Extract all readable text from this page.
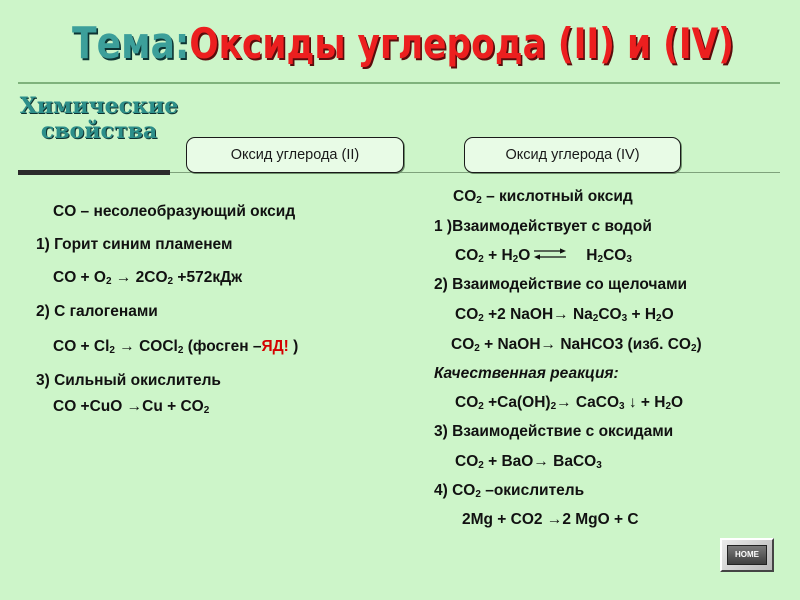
Тема:Оксиды углерода (II) и (IV)
Химические
свойства
Оксид углерода (II)	Оксид углерода (IV)
CO – несолеобразующий оксид
1) Горит синим пламенем
CO + $O_2 \to 2CO_2 +572кДж$
2) С галогенами
CO + $Cl_2$ → COCl$_2$ (фосген –ЯД! )
3) Сильный окислитель
CO $+CuO \to Cu + CO_2$
$CO_2$ – кислотный оксид
1 )Взаимодействует с водой
$CO_2 + H_2O$ ⇌ $H_2CO_3$
2) Взаимодействие со щелочами
$CO_2 +2$ NaOH→ $Na_2CO_3 + H_2O$
$CO_2$ + NaOH→ NaHCO3 (изб. $CO_2$)
Качественная реакция:
$CO_2 +Ca(OH)_2\to$ CaCO$_3$ ↓ + $H_2O$
3) Взаимодействие с оксидами
$CO_2 + BaO\to$ BaCO$_3$
4) $CO_2$ –окислитель
2Mg + CO2 →2 MgO + C
HOME
